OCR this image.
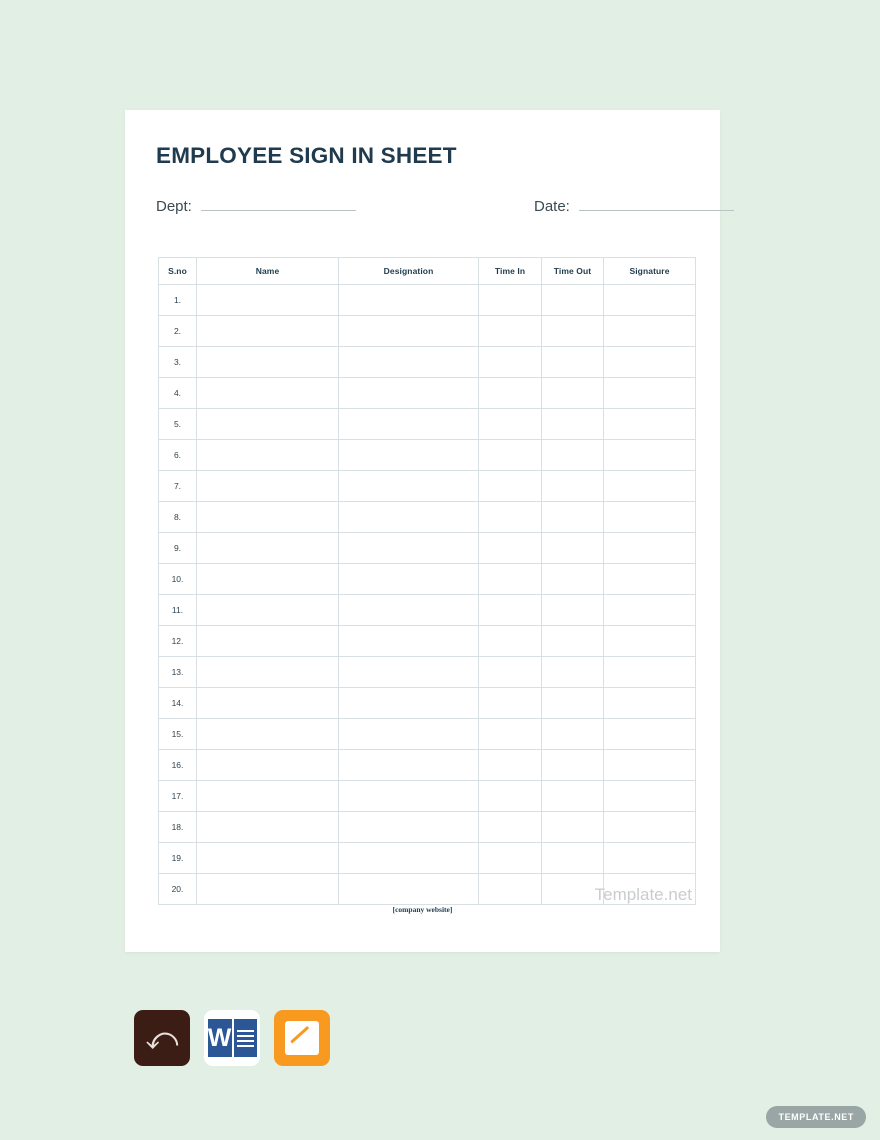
EMPLOYEE SIGN IN SHEET
Dept:	Date:
S.no	Name	Designation	Time In	Time Out	Signature
1.					
2.					
3.					
4.					
5.					
6.					
7.					
8.					
9.					
10.					
11.					
12.					
13.					
14.					
15.					
16.					
17.					
18.					
19.					
20.					
[company website]
Template.net
⤺ W
TEMPLATE.NET
